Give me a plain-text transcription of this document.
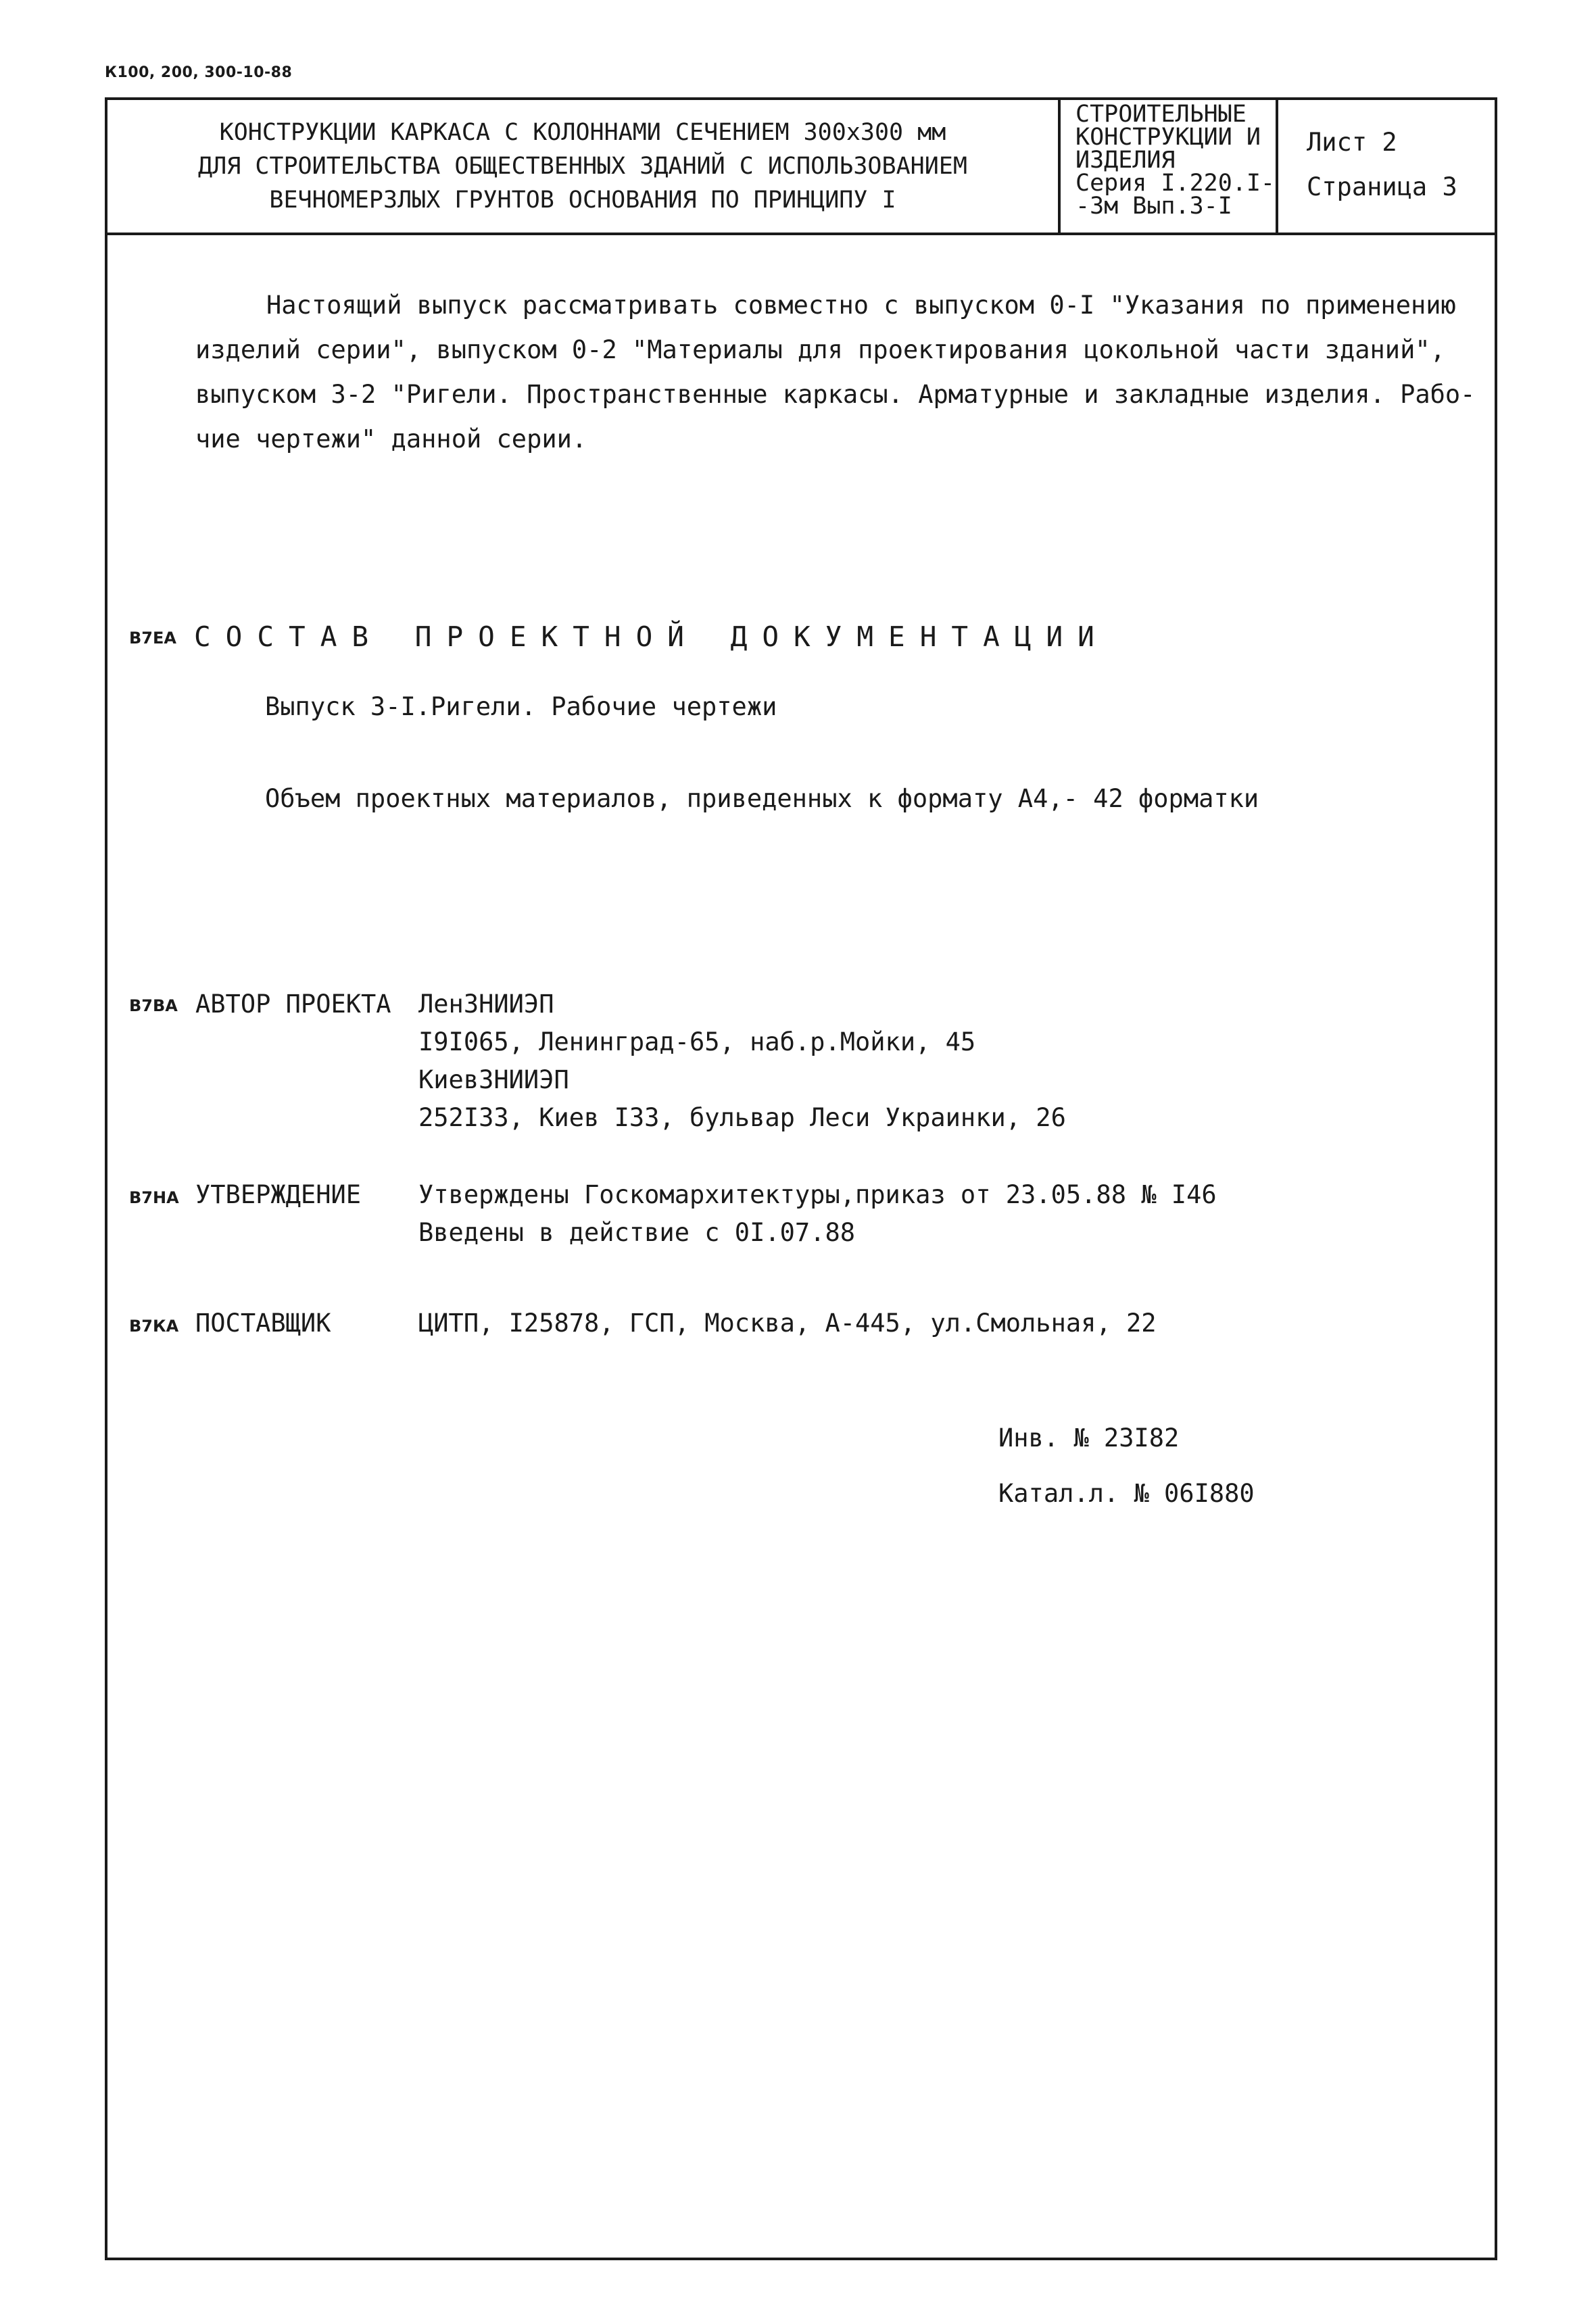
К100, 200, 300-10-88
КОНСТРУКЦИИ КАРКАСА С КОЛОННАМИ СЕЧЕНИЕМ 300х300 мм
ДЛЯ СТРОИТЕЛЬСТВА ОБЩЕСТВЕННЫХ ЗДАНИЙ С ИСПОЛЬЗОВАНИЕМ
ВЕЧНОМЕРЗЛЫХ ГРУНТОВ ОСНОВАНИЯ ПО ПРИНЦИПУ I
СТРОИТЕЛЬНЫЕ
КОНСТРУКЦИИ И
ИЗДЕЛИЯ
Серия I.220.I-
-3м Вып.3-I
Лист 2
Страница 3
Настоящий выпуск рассматривать совместно с выпуском 0-I "Указания по применению
изделий серии", выпуском 0-2 "Материалы для проектирования цокольной части зданий",
выпуском 3-2 "Ригели. Пространственные каркасы. Арматурные и закладные изделия. Рабо-
чие чертежи" данной серии.
В7ЕА СОСТАВ ПРОЕКТНОЙ ДОКУМЕНТАЦИИ
Выпуск 3-I.Ригели. Рабочие чертежи
Объем проектных материалов, приведенных к формату А4,- 42 форматки
В7ВА АВТОР ПРОЕКТА ЛенЗНИИЭП
I9I065, Ленинград-65, наб.р.Мойки, 45
КиевЗНИИЭП
252I33, Киев I33, бульвар Леси Украинки, 26
В7НА УТВЕРЖДЕНИЕ Утверждены Госкомархитектуры,приказ от 23.05.88 № I46
Введены в действие с 0I.07.88
В7КА ПОСТАВЩИК	ЦИТП, I25878, ГСП, Москва, А-445, ул.Смольная, 22
Инв. № 23I82
Катал.л. № 06I880
